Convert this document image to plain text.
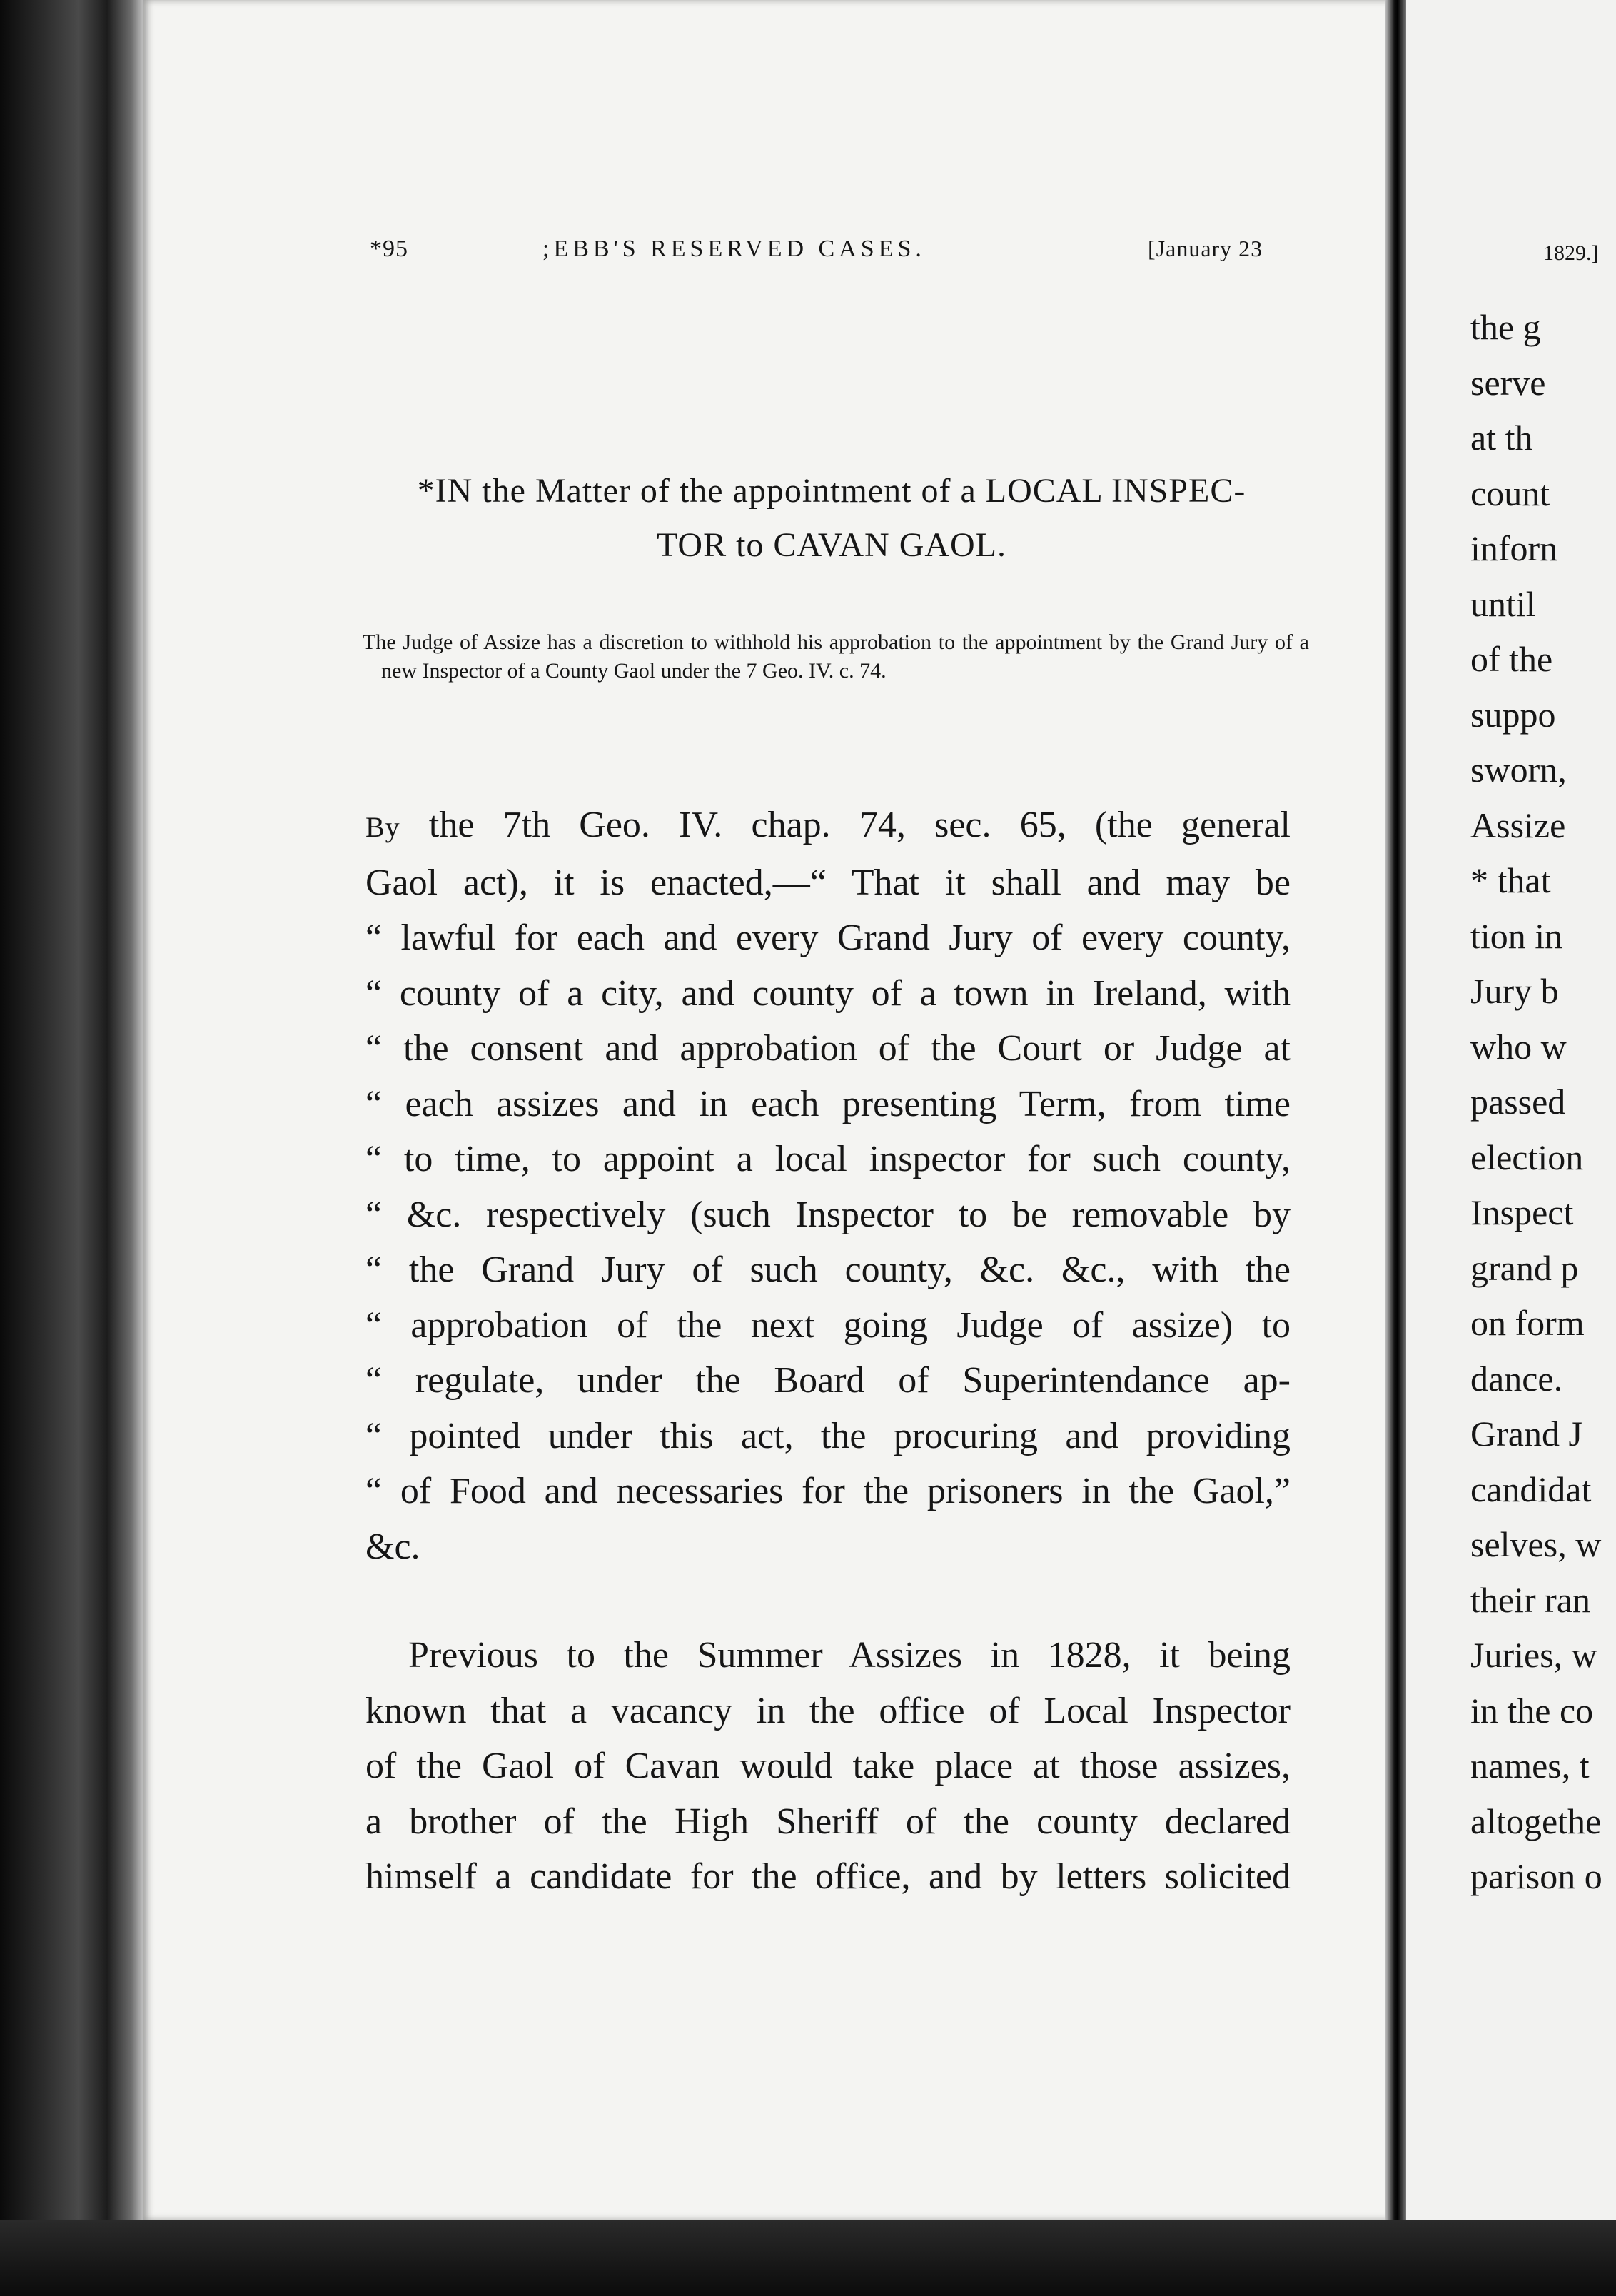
*95	;EBB'S RESERVED CASES.	[January 23
*IN the Matter of the appointment of a LOCAL INSPEC-
TOR to CAVAN GAOL.
The Judge of Assize has a discretion to withhold his approbation to the appointment by the Grand Jury of a new Inspector of a County Gaol under the 7 Geo. IV. c. 74.
By the 7th Geo. IV. chap. 74, sec. 65, (the general
Gaol act), it is enacted,—“ That it shall and may be
“ lawful for each and every Grand Jury of every county,
“ county of a city, and county of a town in Ireland, with
“ the consent and approbation of the Court or Judge at
“ each assizes and in each presenting Term, from time
“ to time, to appoint a local inspector for such county,
“ &c. respectively (such Inspector to be removable by
“ the Grand Jury of such county, &c. &c., with the
“ approbation of the next going Judge of assize) to
“ regulate, under the Board of Superintendance ap-
“ pointed under this act, the procuring and providing
“ of Food and necessaries for the prisoners in the Gaol,”
&c.
Previous to the Summer Assizes in 1828, it being
known that a vacancy in the office of Local Inspector
of the Gaol of Cavan would take place at those assizes,
a brother of the High Sheriff of the county declared
himself a candidate for the office, and by letters solicited
1829.]
the g
serve
at th
count
inforn
until
of the
suppo
sworn,
Assize
* that
tion in
Jury b
who w
passed
election
Inspect
grand p
on form
dance.
Grand J
candidat
selves, w
their ran
Juries, w
in the co
names, t
altogethe
parison o
